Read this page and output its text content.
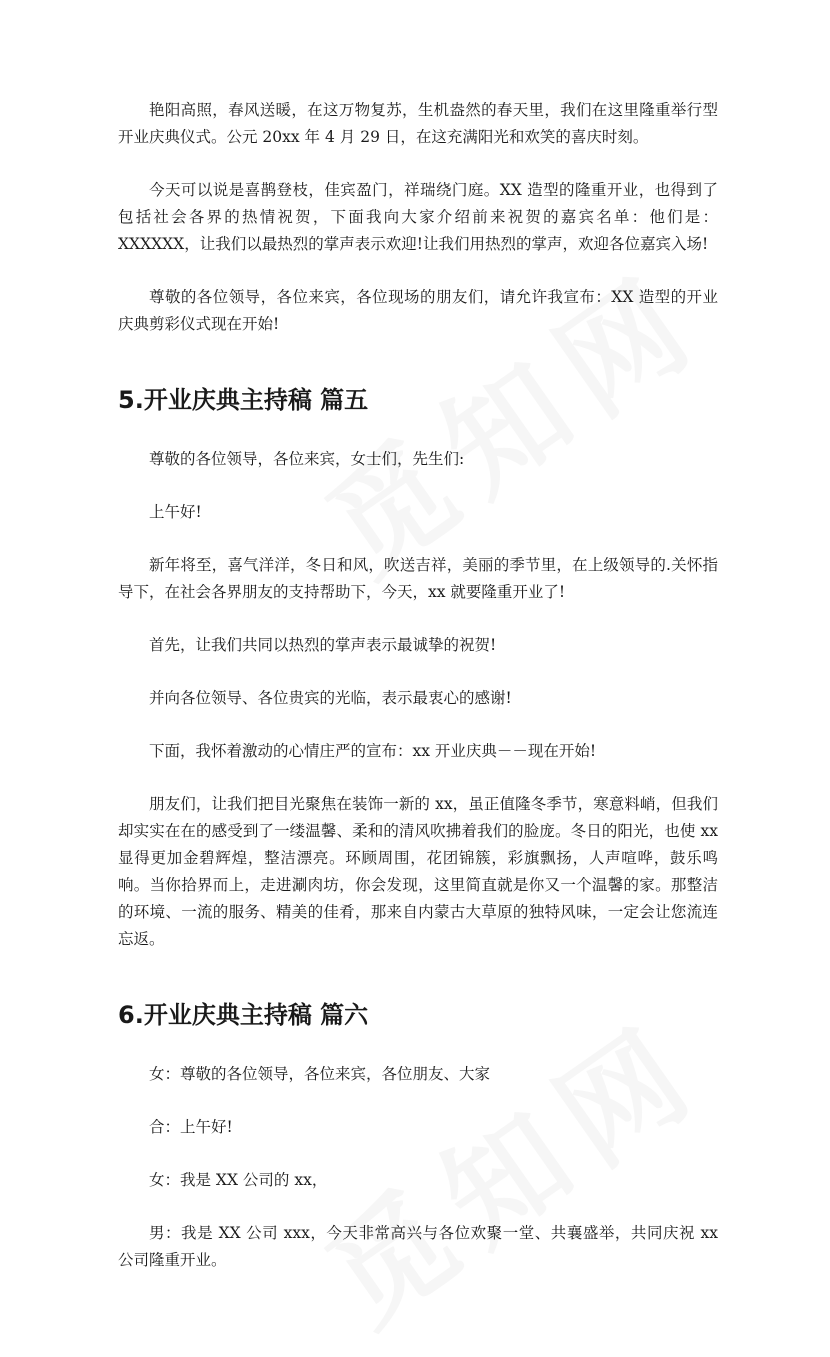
艳阳高照，春风送暖，在这万物复苏，生机盎然的春天里，我们在这里隆重举行型开业庆典仪式。公元 20xx 年 4 月 29 日，在这充满阳光和欢笑的喜庆时刻。

今天可以说是喜鹊登枝，佳宾盈门，祥瑞绕门庭。XX 造型的隆重开业，也得到了包括社会各界的热情祝贺，下面我向大家介绍前来祝贺的嘉宾名单：他们是：XXXXXX，让我们以最热烈的掌声表示欢迎!让我们用热烈的掌声，欢迎各位嘉宾入场!

尊敬的各位领导，各位来宾，各位现场的朋友们，请允许我宣布：XX 造型的开业庆典剪彩仪式现在开始!

5.开业庆典主持稿 篇五

尊敬的各位领导，各位来宾，女士们，先生们:

上午好!

新年将至，喜气洋洋，冬日和风，吹送吉祥，美丽的季节里，在上级领导的.关怀指导下，在社会各界朋友的支持帮助下，今天，xx 就要隆重开业了!

首先，让我们共同以热烈的掌声表示最诚挚的祝贺!

并向各位领导、各位贵宾的光临，表示最衷心的感谢!

下面，我怀着激动的心情庄严的宣布：xx 开业庆典－－现在开始!

朋友们，让我们把目光聚焦在装饰一新的 xx，虽正值隆冬季节，寒意料峭，但我们却实实在在的感受到了一缕温馨、柔和的清风吹拂着我们的脸庞。冬日的阳光，也使 xx 显得更加金碧辉煌，整洁漂亮。环顾周围，花团锦簇，彩旗飘扬，人声喧哗，鼓乐鸣响。当你拾界而上，走进涮肉坊，你会发现，这里简直就是你又一个温馨的家。那整洁的环境、一流的服务、精美的佳肴，那来自内蒙古大草原的独特风味，一定会让您流连忘返。

6.开业庆典主持稿 篇六

女：尊敬的各位领导，各位来宾，各位朋友、大家

合：上午好!

女：我是 XX 公司的 xx，

男：我是 XX 公司 xxx，今天非常高兴与各位欢聚一堂、共襄盛举，共同庆祝 xx 公司隆重开业。
